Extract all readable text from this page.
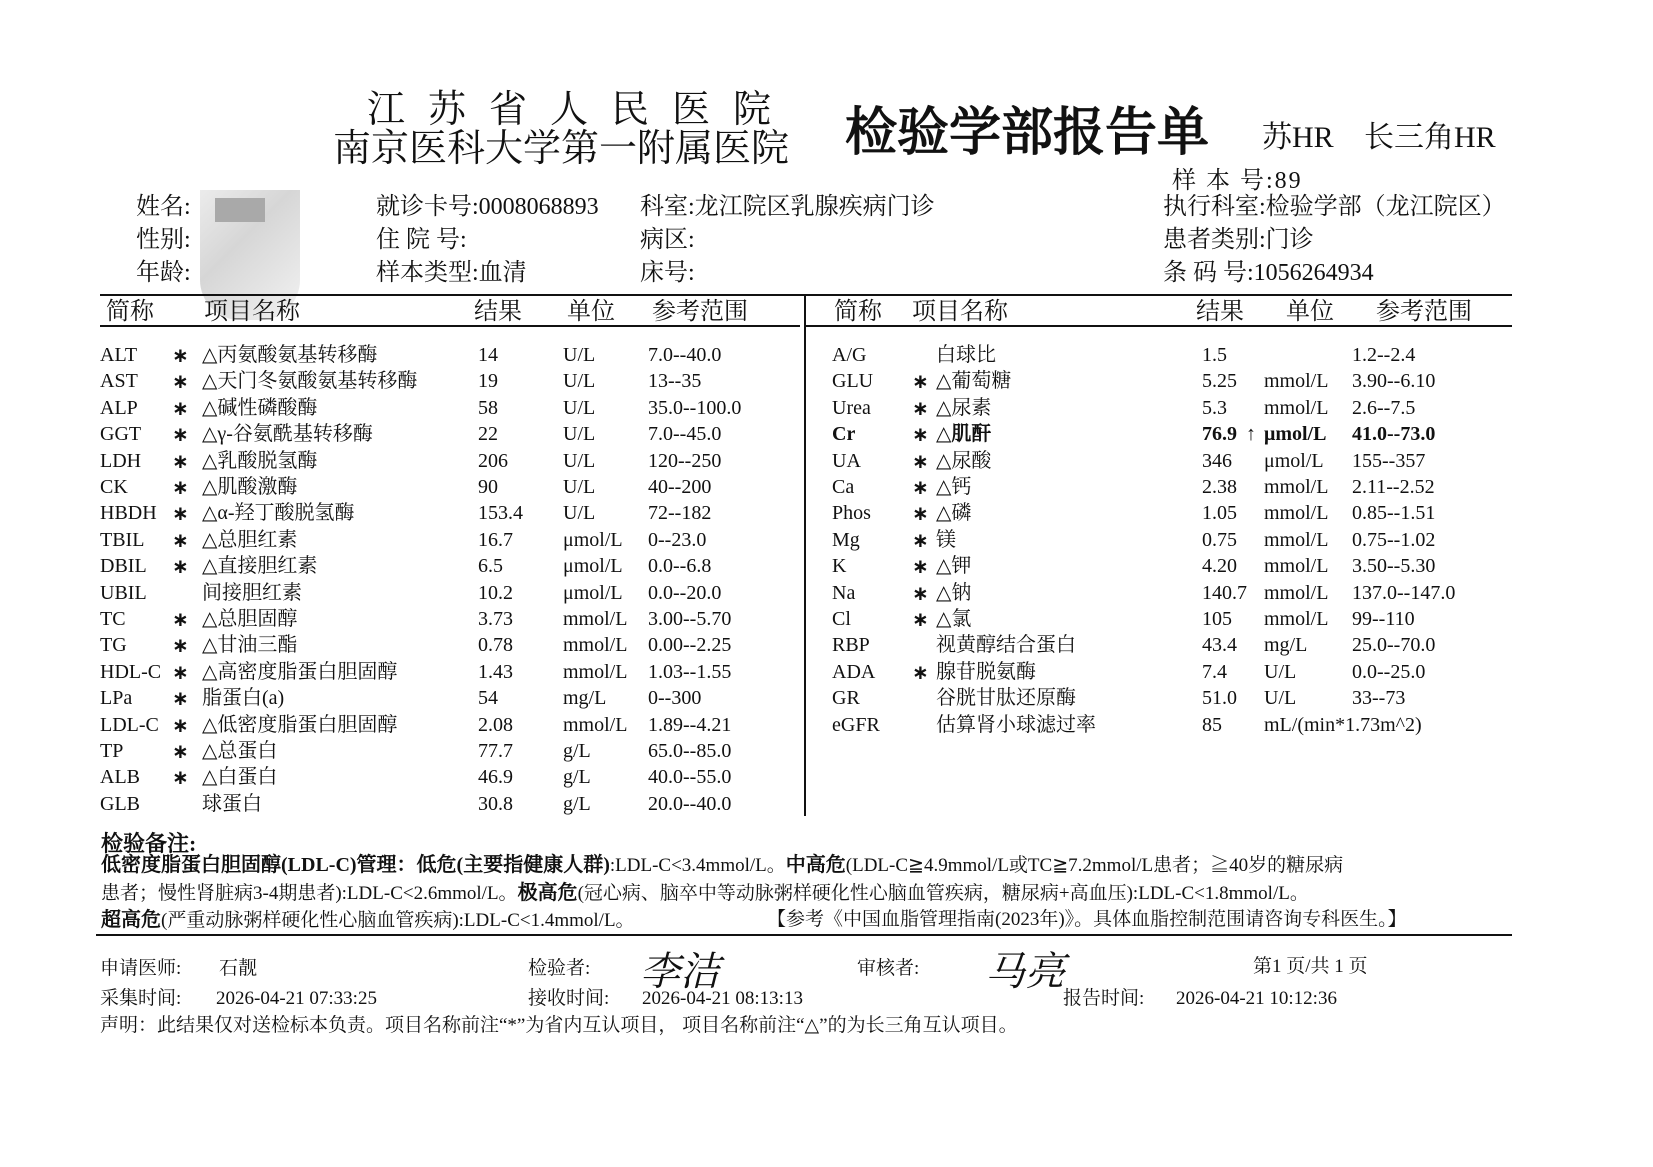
江苏省人民医院
南京医科大学第一附属医院 检验学部报告单 苏HR 长三角HR
样 本 号:89
姓名:
性别:
年龄:
就诊卡号:0008068893
住 院 号:
样本类型:血清
科室:龙江院区乳腺疾病门诊
病区:
床号:
执行科室:检验学部（龙江院区）
患者类别:门诊
条 码 号:1056264934
简称 项目名称	结果 单位 参考范围	简称 项目名称	结果 单位 参考范围
ALT ∗ △丙氨酸氨基转移酶	14	U/L	7.0--40.0
AST ∗ △天门冬氨酸氨基转移酶	19	U/L	13--35
ALP ∗ △碱性磷酸酶	58	U/L	35.0--100.0
GGT ∗ △γ-谷氨酰基转移酶	22	U/L	7.0--45.0
LDH ∗ △乳酸脱氢酶	206	U/L	120--250
CK ∗ △肌酸激酶	90	U/L	40--200
HBDH ∗ △α-羟丁酸脱氢酶	153.4 U/L	72--182
TBIL ∗ △总胆红素	16.7	μmol/L 0--23.0
DBIL ∗ △直接胆红素	6.5	μmol/L 0.0--6.8
UBIL	间接胆红素	10.2	μmol/L 0.0--20.0
TC ∗ △总胆固醇	3.73	mmol/L 3.00--5.70
TG ∗ △甘油三酯	0.78	mmol/L 0.00--2.25
HDL-C ∗ △高密度脂蛋白胆固醇	1.43	mmol/L 1.03--1.55
LPa ∗ 脂蛋白(a)	54	mg/L 0--300
LDL-C ∗ △低密度脂蛋白胆固醇	2.08	mmol/L 1.89--4.21
TP ∗ △总蛋白	77.7	g/L	65.0--85.0
ALB ∗ △白蛋白	46.9	g/L	40.0--55.0
GLB	球蛋白	30.8	g/L	20.0--40.0
A/G	白球比	1.5	1.2--2.4
GLU ∗ △葡萄糖	5.25 mmol/L 3.90--6.10
Urea ∗ △尿素	5.3 mmol/L 2.6--7.5
Cr	∗ △肌酐	76.9 ↑ μmol/L 41.0--73.0
UA	∗ △尿酸	346 μmol/L 155--357
Ca	∗ △钙	2.38 mmol/L 2.11--2.52
Phos ∗ △磷	1.05 mmol/L 0.85--1.51
Mg	∗ 镁	0.75 mmol/L 0.75--1.02
K	∗ △钾	4.20 mmol/L 3.50--5.30
Na	∗ △钠	140.7 mmol/L 137.0--147.0
Cl	∗ △氯	105 mmol/L 99--110
RBP	视黄醇结合蛋白	43.4 mg/L 25.0--70.0
ADA ∗ 腺苷脱氨酶	7.4 U/L	0.0--25.0
GR	谷胱甘肽还原酶	51.0 U/L	33--73
eGFR	估算肾小球滤过率	85 mL/(min*1.73m^2)
检验备注:
低密度脂蛋白胆固醇(LDL-C)管理：低危(主要指健康人群):LDL-C<3.4mmol/L。中高危(LDL-C≧4.9mmol/L或TC≧7.2mmol/L患者；≧40岁的糖尿病
患者；慢性肾脏病3-4期患者):LDL-C<2.6mmol/L。极高危(冠心病、脑卒中等动脉粥样硬化性心脑血管疾病，糖尿病+高血压):LDL-C<1.8mmol/L。
超高危(严重动脉粥样硬化性心脑血管疾病):LDL-C<1.4mmol/L。	【参考《中国血脂管理指南(2023年)》。具体血脂控制范围请咨询专科医生。】
申请医师: 石靓	检验者: 李洁	审核者: 马亮	第1 页/共 1 页
采集时间: 2026-04-21 07:33:25	接收时间: 2026-04-21 08:13:13	报告时间: 2026-04-21 10:12:36
声明：此结果仅对送检标本负责。项目名称前注“*”为省内互认项目， 项目名称前注“△”的为长三角互认项目。
